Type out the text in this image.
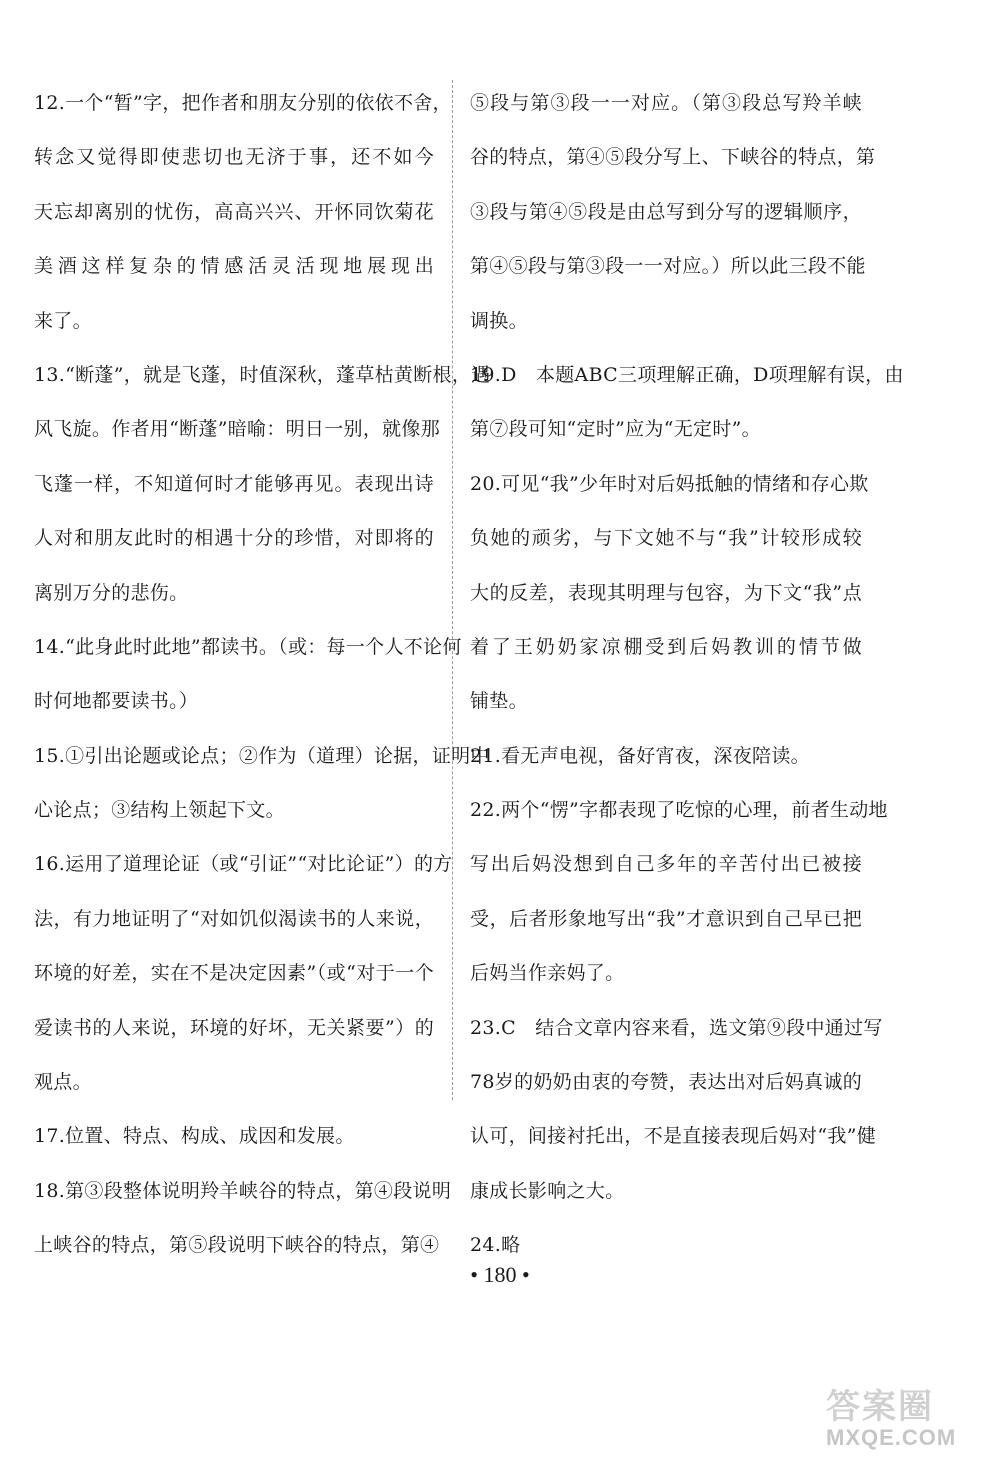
12.一个“暂”字，把作者和朋友分别的依依不舍，
转念又觉得即使悲切也无济于事，还不如今
天忘却离别的忧伤，高高兴兴、开怀同饮菊花
美酒这样复杂的情感活灵活现地展现出
来了。
13.“断蓬”，就是飞蓬，时值深秋，蓬草枯黄断根，遇
风飞旋。作者用“断蓬”暗喻：明日一别，就像那
飞蓬一样，不知道何时才能够再见。表现出诗
人对和朋友此时的相遇十分的珍惜，对即将的
离别万分的悲伤。
14.“此身此时此地”都读书。（或：每一个人不论何
时何地都要读书。）
15.①引出论题或论点；②作为（道理）论据，证明中
心论点；③结构上领起下文。
16.运用了道理论证（或“引证”“对比论证”）的方
法，有力地证明了“对如饥似渴读书的人来说，
环境的好差，实在不是决定因素”（或“对于一个
爱读书的人来说，环境的好坏，无关紧要”）的
观点。
17.位置、特点、构成、成因和发展。
18.第③段整体说明羚羊峡谷的特点，第④段说明
上峡谷的特点，第⑤段说明下峡谷的特点，第④
⑤段与第③段一一对应。（第③段总写羚羊峡
谷的特点，第④⑤段分写上、下峡谷的特点，第
③段与第④⑤段是由总写到分写的逻辑顺序，
第④⑤段与第③段一一对应。）所以此三段不能
调换。
19.D　本题ABC三项理解正确，D项理解有误，由
第⑦段可知“定时”应为“无定时”。
20.可见“我”少年时对后妈抵触的情绪和存心欺
负她的顽劣，与下文她不与“我”计较形成较
大的反差，表现其明理与包容，为下文“我”点
着了王奶奶家凉棚受到后妈教训的情节做
铺垫。
21.看无声电视，备好宵夜，深夜陪读。
22.两个“愣”字都表现了吃惊的心理，前者生动地
写出后妈没想到自己多年的辛苦付出已被接
受，后者形象地写出“我”才意识到自己早已把
后妈当作亲妈了。
23.C　结合文章内容来看，选文第⑨段中通过写
78岁的奶奶由衷的夸赞，表达出对后妈真诚的
认可，间接衬托出，不是直接表现后妈对“我”健
康成长影响之大。
24.略
• 180 •
答案圈
MXQE.COM
